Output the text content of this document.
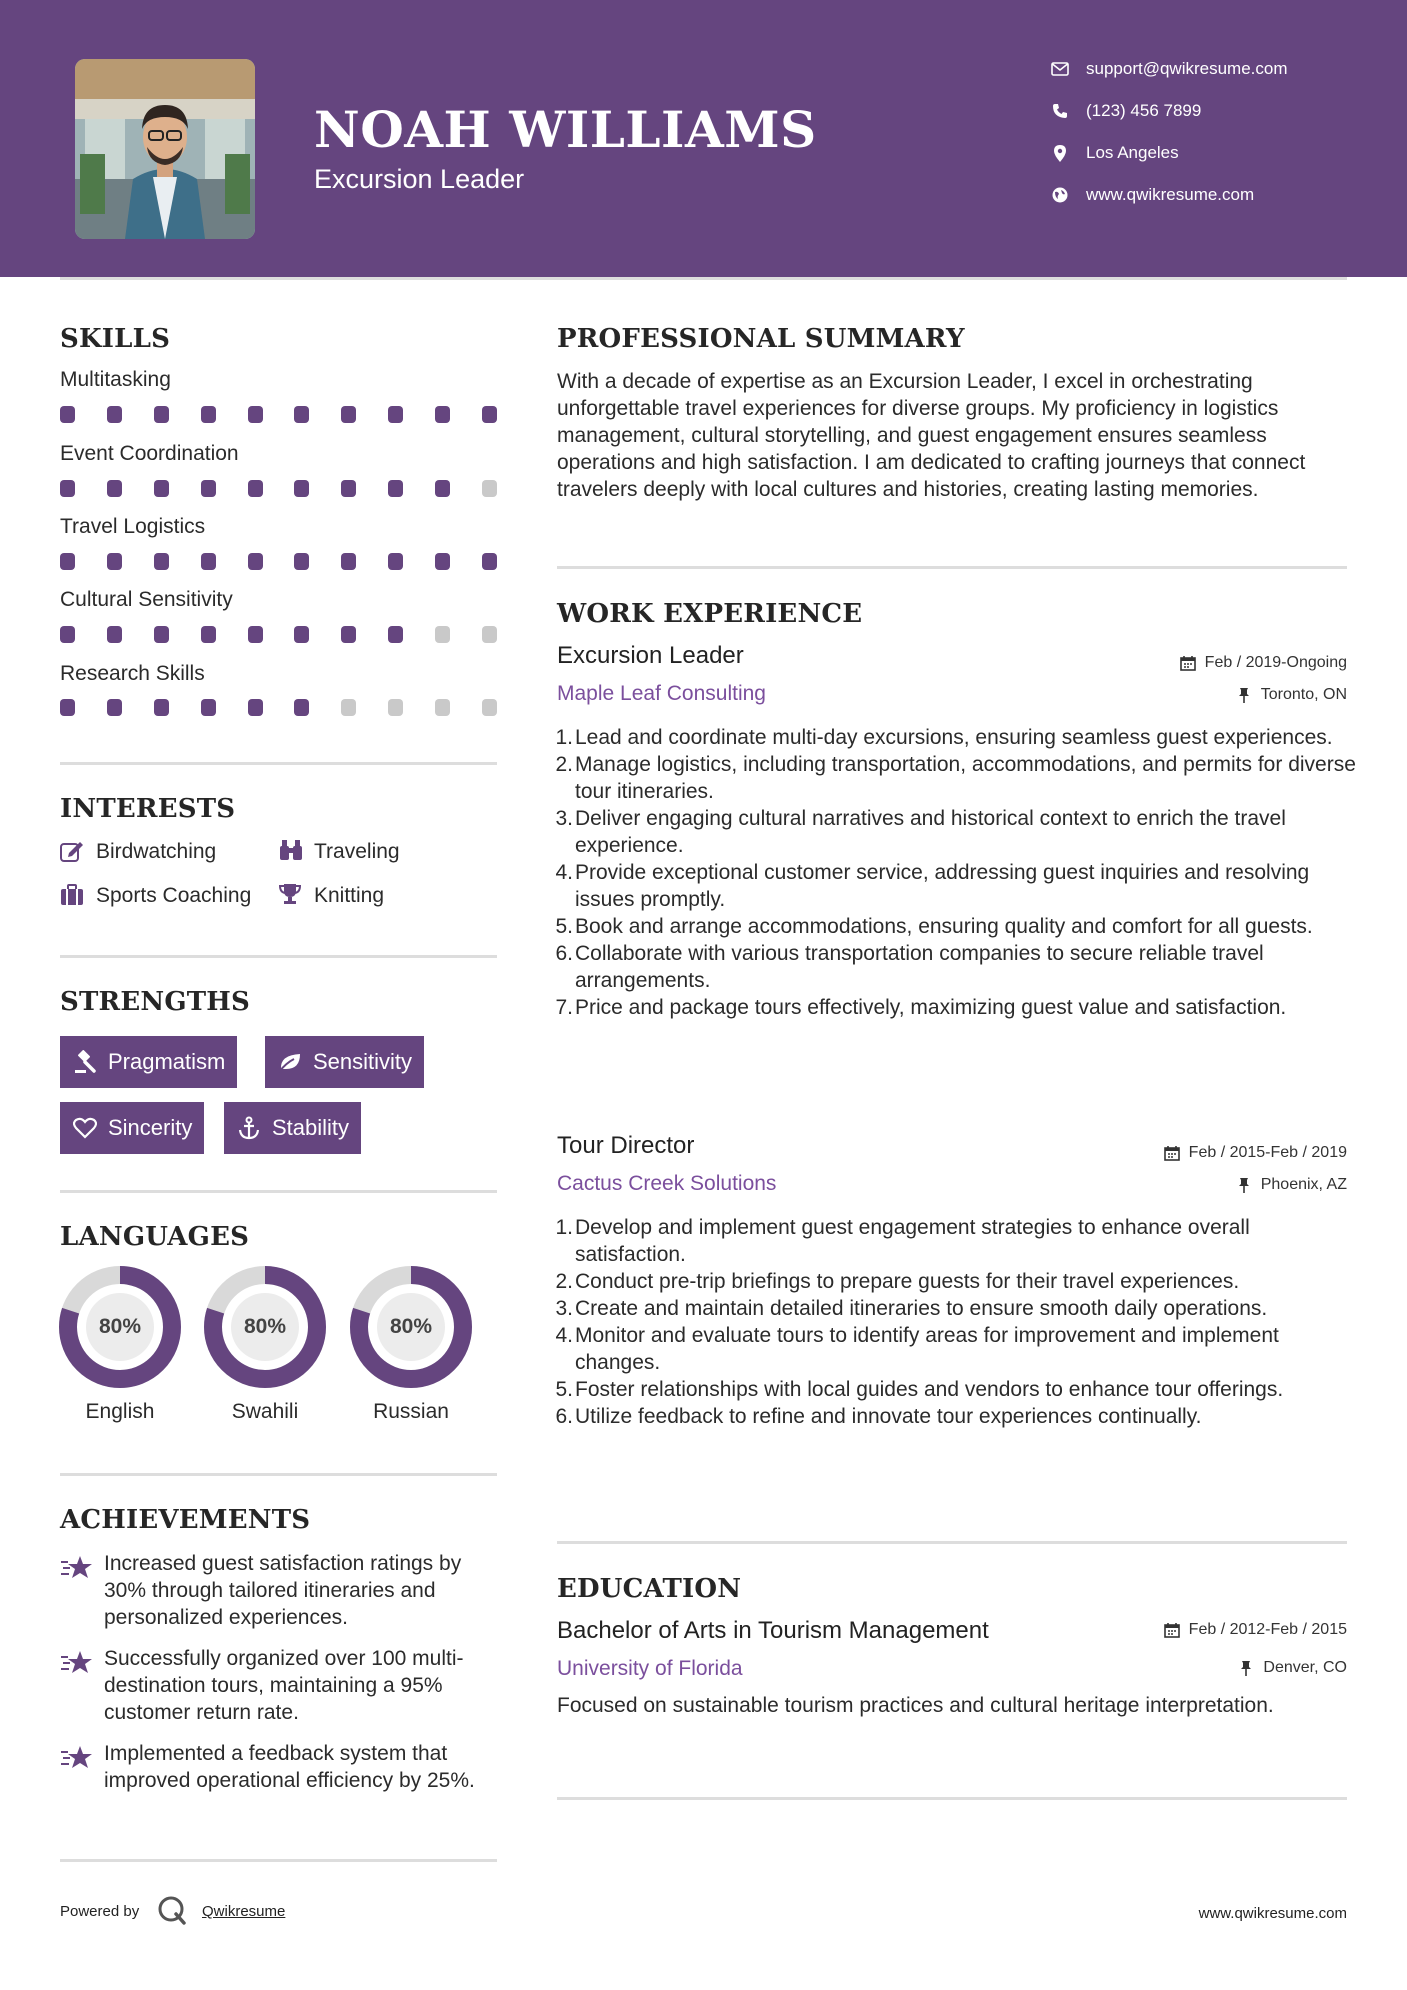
NOAH WILLIAMS
Excursion Leader
support@qwikresume.com
(123) 456 7899
Los Angeles
www.qwikresume.com
SKILLS
Multitasking
Event Coordination
Travel Logistics
Cultural Sensitivity
Research Skills
INTERESTS
Birdwatching	Traveling
Sports Coaching	Knitting
STRENGTHS
Pragmatism	Sensitivity
Sincerity	Stability
LANGUAGES
80%
English
80%
Swahili
80%
Russian
ACHIEVEMENTS
Increased guest satisfaction ratings by 30% through tailored itineraries and personalized experiences.
Successfully organized over 100 multi-destination tours, maintaining a 95% customer return rate.
Implemented a feedback system that improved operational efficiency by 25%.
PROFESSIONAL SUMMARY
With a decade of expertise as an Excursion Leader, I excel in orchestrating unforgettable travel experiences for diverse groups. My proficiency in logistics management, cultural storytelling, and guest engagement ensures seamless operations and high satisfaction. I am dedicated to crafting journeys that connect travelers deeply with local cultures and histories, creating lasting memories.
WORK EXPERIENCE
Excursion Leader	Feb / 2019-Ongoing
Maple Leaf Consulting	Toronto, ON
1. Lead and coordinate multi-day excursions, ensuring seamless guest experiences.
2. Manage logistics, including transportation, accommodations, and permits for diverse tour itineraries.
3. Deliver engaging cultural narratives and historical context to enrich the travel experience.
4. Provide exceptional customer service, addressing guest inquiries and resolving issues promptly.
5. Book and arrange accommodations, ensuring quality and comfort for all guests.
6. Collaborate with various transportation companies to secure reliable travel arrangements.
7. Price and package tours effectively, maximizing guest value and satisfaction.
Tour Director	Feb / 2015-Feb / 2019
Cactus Creek Solutions	Phoenix, AZ
1. Develop and implement guest engagement strategies to enhance overall satisfaction.
2. Conduct pre-trip briefings to prepare guests for their travel experiences.
3. Create and maintain detailed itineraries to ensure smooth daily operations.
4. Monitor and evaluate tours to identify areas for improvement and implement changes.
5. Foster relationships with local guides and vendors to enhance tour offerings.
6. Utilize feedback to refine and innovate tour experiences continually.
EDUCATION
Bachelor of Arts in Tourism Management	Feb / 2012-Feb / 2015
University of Florida	Denver, CO
Focused on sustainable tourism practices and cultural heritage interpretation.
Powered by	Qwikresume	www.qwikresume.com
